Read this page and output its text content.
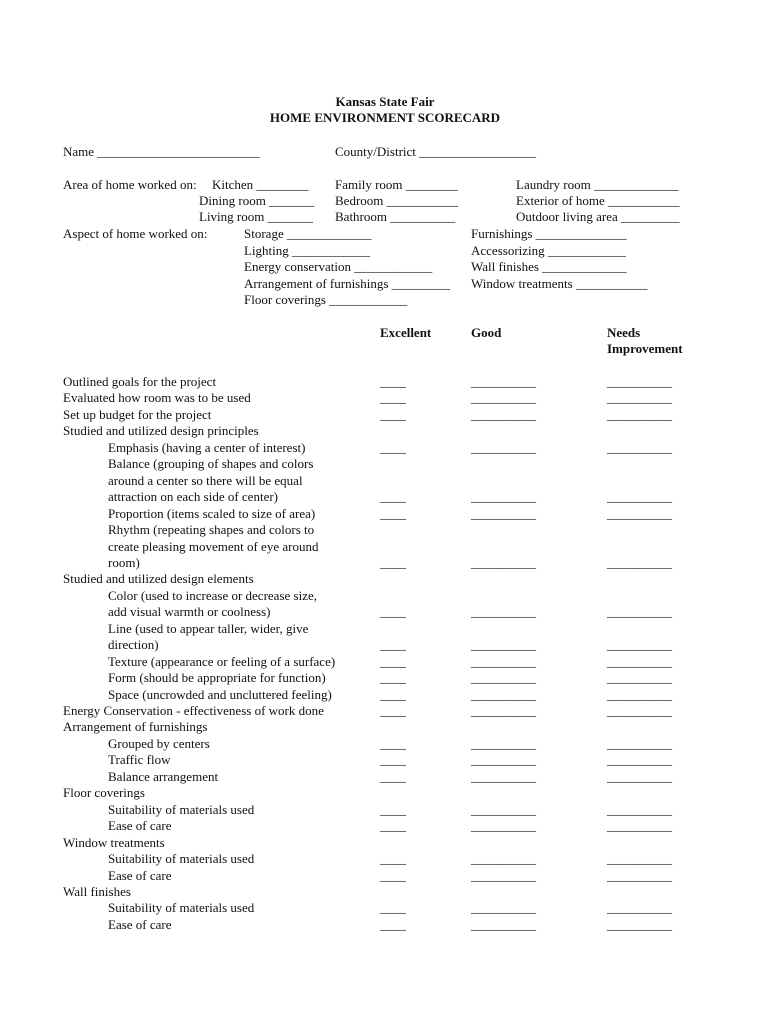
Kansas State Fair
HOME ENVIRONMENT SCORECARD
Name _________________________	County/District __________________
Area of home worked on: Kitchen ________
Dining room _______
Living room _______
Family room ________
Bedroom ___________
Bathroom __________
Laundry room _____________
Exterior of home ___________
Outdoor living area _________
Aspect of home worked on:	Storage _____________
Lighting ____________
Energy conservation ____________
Arrangement of furnishings _________
Floor coverings ____________
Furnishings ______________
Accessorizing ____________
Wall finishes _____________
Window treatments ___________
Excellent	Good	Needs
Improvement
Outlined goals for the project	____	__________	__________
Evaluated how room was to be used	____	__________	__________
Set up budget for the project	____	__________	__________
Studied and utilized design principles
Emphasis (having a center of interest)	____	__________	__________
Balance (grouping of shapes and colors
around a center so there will be equal
attraction on each side of center)	____	__________	__________
Proportion (items scaled to size of area)	____	__________	__________
Rhythm (repeating shapes and colors to
create pleasing movement of eye around
room)	____	__________	__________
Studied and utilized design elements
Color (used to increase or decrease size,
add visual warmth or coolness)	____	__________	__________
Line (used to appear taller, wider, give
direction)	____	__________	__________
Texture (appearance or feeling of a surface)	____	__________	__________
Form (should be appropriate for function)	____	__________	__________
Space (uncrowded and uncluttered feeling)	____	__________	__________
Energy Conservation - effectiveness of work done	____	__________	__________
Arrangement of furnishings
Grouped by centers	____	__________	__________
Traffic flow	____	__________	__________
Balance arrangement	____	__________	__________
Floor coverings
Suitability of materials used	____	__________	__________
Ease of care	____	__________	__________
Window treatments
Suitability of materials used	____	__________	__________
Ease of care	____	__________	__________
Wall finishes
Suitability of materials used	____	__________	__________
Ease of care	____	__________	__________
